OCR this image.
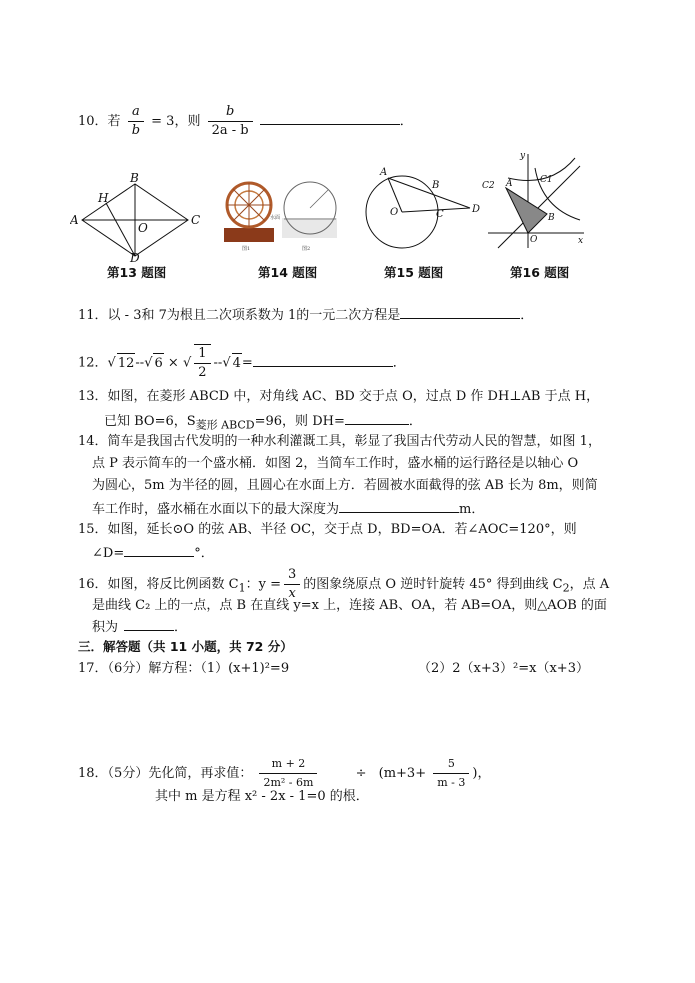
10．若 $\frac{a}{b} = 3$，则 $\frac{b}{2a - b}$	．
B
H
A	C
O
D
水面
图1	图2
A
B
O	C	D
y
C2 A	C1
B
O	x
第13 题图	第14 题图	第15 题图	第16 题图
11．以 - 3和 7为根且二次项系数为 1的一元二次方程是	．
12．√ 12--√ 6 × √ $\frac{1}{2}$ --√ 4=	．
13．如图，在菱形 ABCD 中，对角线 AC、BD 交于点 O，过点 D 作 DH⊥AB 于点 H，
已知 BO=6，$S_{菱形 ABCD}=96$，则 DH=	．
14．简车是我国古代发明的一种水利灌溉工具，彰显了我国古代劳动人民的智慧，如图 1，
点 P 表示简车的一个盛水桶．如图 2，当简车工作时，盛水桶的运行路径是以轴心 O
为圆心，5m 为半径的圆，且圆心在水面上方．若圆被水面截得的弦 AB 长为 8m，则简
车工作时，盛水桶在水面以下的最大深度为	m．
15．如图，延长⊙O 的弦 AB、半径 OC，交于点 D，BD=OA．若∠AOC=120°，则
∠D=	°．
16．如图，将反比例函数 $C_1$：$y = \frac{3}{x}$ 的图象绕原点 O 逆时针旋转 45° 得到曲线 $C_2$，点 A
是曲线 C₂ 上的一点，点 B 在直线 y=x 上，连接 AB、OA，若 AB=OA，则△AOB 的面
积为	．
三．解答题（共 11 小题，共 72 分）
17．（6分）解方程：（1）(x+1)²=9	（2）2（x+3）²=x（x+3）
18．（5分）先化简，再求值： $\frac{m + 2}{\text{2m² - 6m}}$	÷ ($m+3+ \frac{5}{m - 3}$ )，
其中 m 是方程 x² - 2x - 1=0 的根．
